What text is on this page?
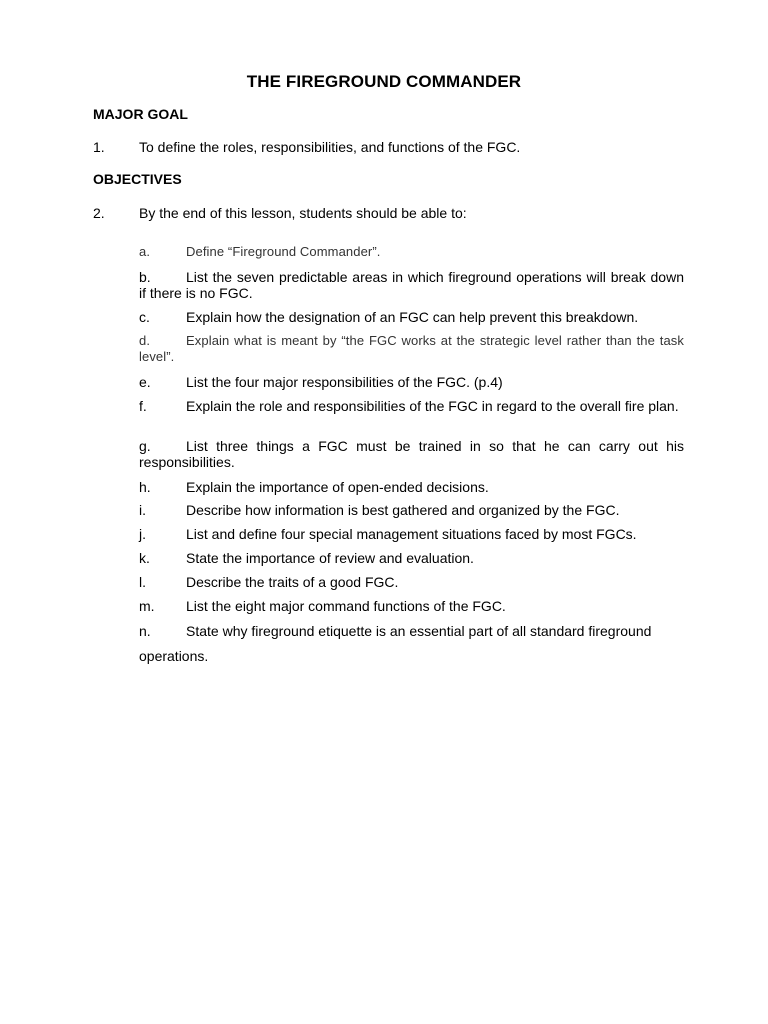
THE FIREGROUND COMMANDER
MAJOR GOAL
1. To define the roles, responsibilities, and functions of the FGC.
OBJECTIVES
2. By the end of this lesson, students should be able to:
a.	Define “Fireground Commander”.
b.	List the seven predictable areas in which fireground operations will break down if there is no FGC.
c.	Explain how the designation of an FGC can help prevent this breakdown.
d.	Explain what is meant by “the FGC works at the strategic level rather than the task level”.
e.	List the four major responsibilities of the FGC. (p.4)
f.	Explain the role and responsibilities of the FGC in regard to the overall fire plan.
g.	List three things a FGC must be trained in so that he can carry out his responsibilities.
h.	Explain the importance of open-ended decisions.
i.	Describe how information is best gathered and organized by the FGC.
j.	List and define four special management situations faced by most FGCs.
k.	State the importance of review and evaluation.
l.	Describe the traits of a good FGC.
m. List the eight major command functions of the FGC.
n.	State why fireground etiquette is an essential part of all standard fireground
operations.
